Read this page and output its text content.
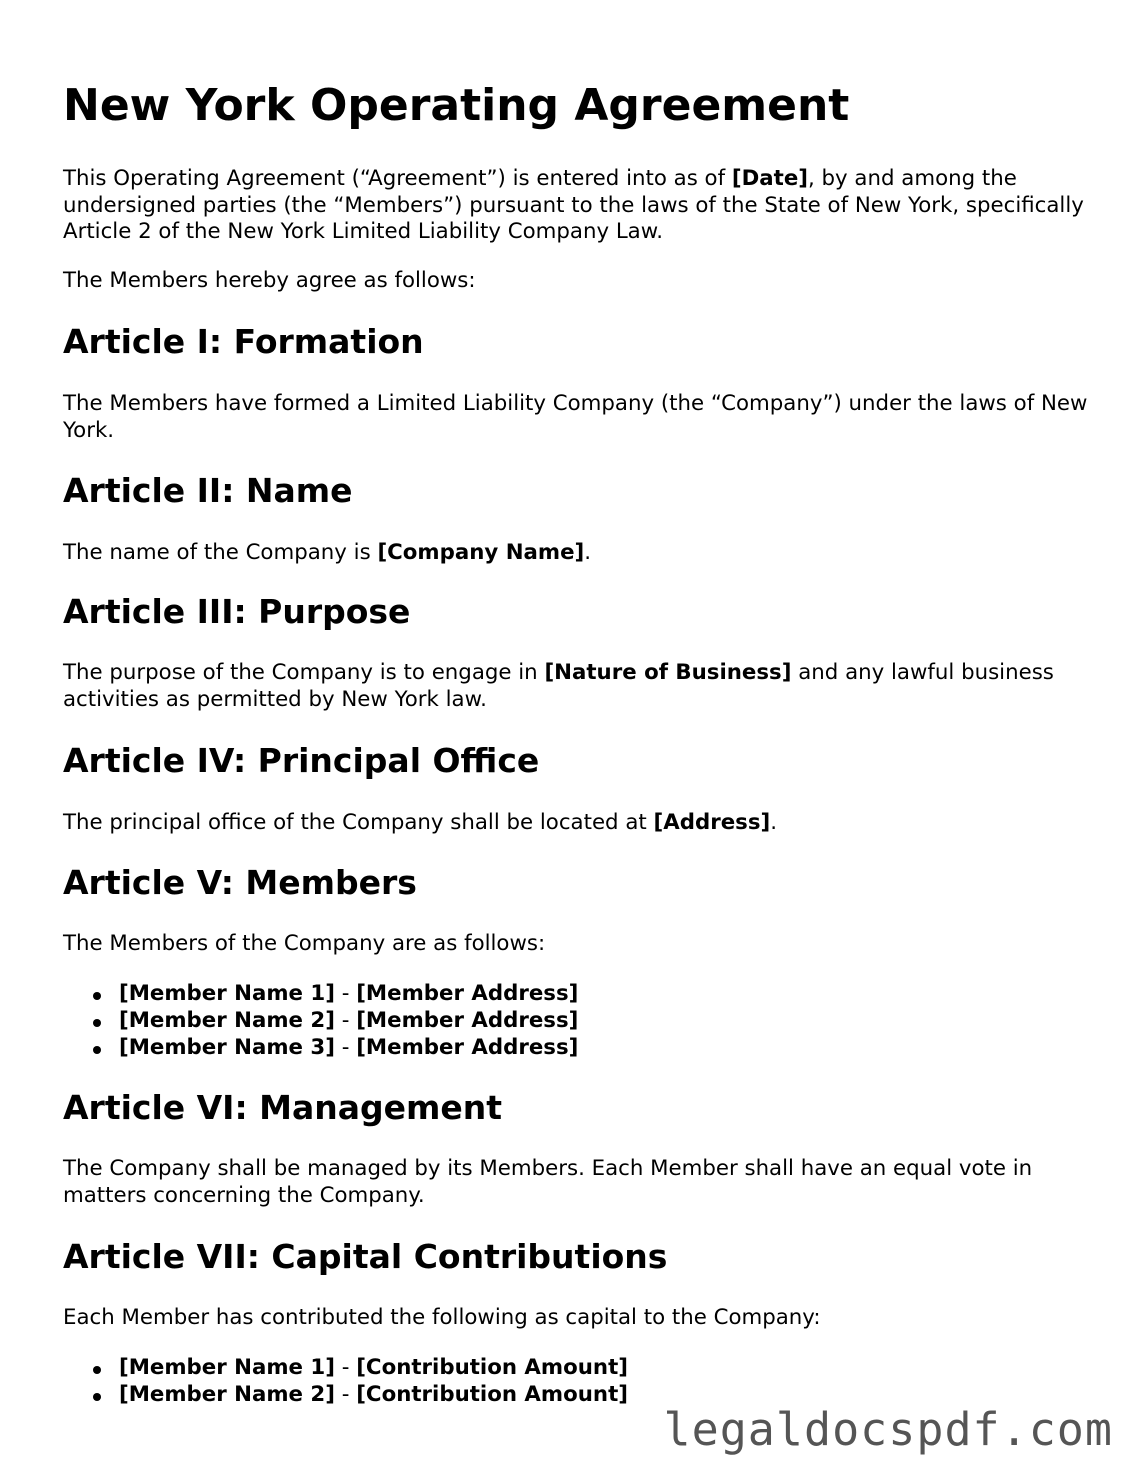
New York Operating Agreement

This Operating Agreement (“Agreement”) is entered into as of [Date], by and among the undersigned parties (the “Members”) pursuant to the laws of the State of New York, specifically Article 2 of the New York Limited Liability Company Law.

The Members hereby agree as follows:

Article I: Formation

The Members have formed a Limited Liability Company (the “Company”) under the laws of New York.

Article II: Name

The name of the Company is [Company Name].

Article III: Purpose

The purpose of the Company is to engage in [Nature of Business] and any lawful business activities as permitted by New York law.

Article IV: Principal Office

The principal office of the Company shall be located at [Address].

Article V: Members

The Members of the Company are as follows:

[Member Name 1] - [Member Address]
[Member Name 2] - [Member Address]
[Member Name 3] - [Member Address]
Article VI: Management

The Company shall be managed by its Members. Each Member shall have an equal vote in matters concerning the Company.

Article VII: Capital Contributions

Each Member has contributed the following as capital to the Company:

[Member Name 1] - [Contribution Amount]
[Member Name 2] - [Contribution Amount]
legaldocspdf.com
